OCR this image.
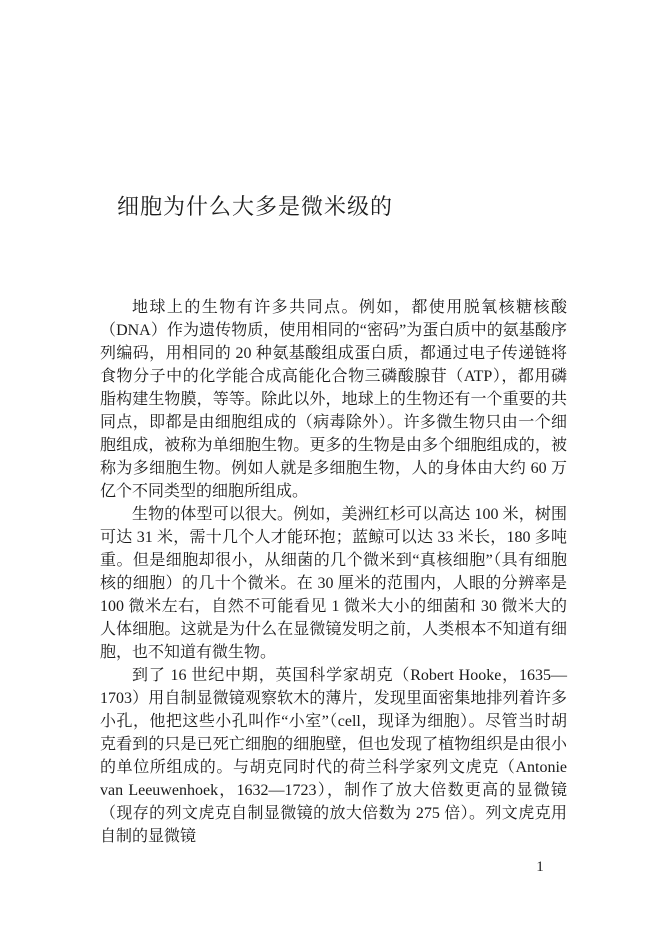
细胞为什么大多是微米级的

地球上的生物有许多共同点。例如，都使用脱氧核糖核酸（DNA）作为遗传物质，使用相同的“密码”为蛋白质中的氨基酸序列编码，用相同的 20 种氨基酸组成蛋白质，都通过电子传递链将食物分子中的化学能合成高能化合物三磷酸腺苷（ATP），都用磷脂构建生物膜，等等。除此以外，地球上的生物还有一个重要的共同点，即都是由细胞组成的（病毒除外）。许多微生物只由一个细胞组成，被称为单细胞生物。更多的生物是由多个细胞组成的，被称为多细胞生物。例如人就是多细胞生物，人的身体由大约 60 万亿个不同类型的细胞所组成。

生物的体型可以很大。例如，美洲红杉可以高达 100 米，树围可达 31 米，需十几个人才能环抱；蓝鲸可以达 33 米长，180 多吨重。但是细胞却很小，从细菌的几个微米到“真核细胞”（具有细胞核的细胞）的几十个微米。在 30 厘米的范围内，人眼的分辨率是 100 微米左右，自然不可能看见 1 微米大小的细菌和 30 微米大的人体细胞。这就是为什么在显微镜发明之前，人类根本不知道有细胞，也不知道有微生物。

到了 16 世纪中期，英国科学家胡克（Robert Hooke，1635—1703）用自制显微镜观察软木的薄片，发现里面密集地排列着许多小孔，他把这些小孔叫作“小室”（cell，现译为细胞）。尽管当时胡克看到的只是已死亡细胞的细胞壁，但也发现了植物组织是由很小的单位所组成的。与胡克同时代的荷兰科学家列文虎克（Antonie van Leeuwenhoek，1632—1723），制作了放大倍数更高的显微镜（现存的列文虎克自制显微镜的放大倍数为 275 倍）。列文虎克用自制的显微镜

1
